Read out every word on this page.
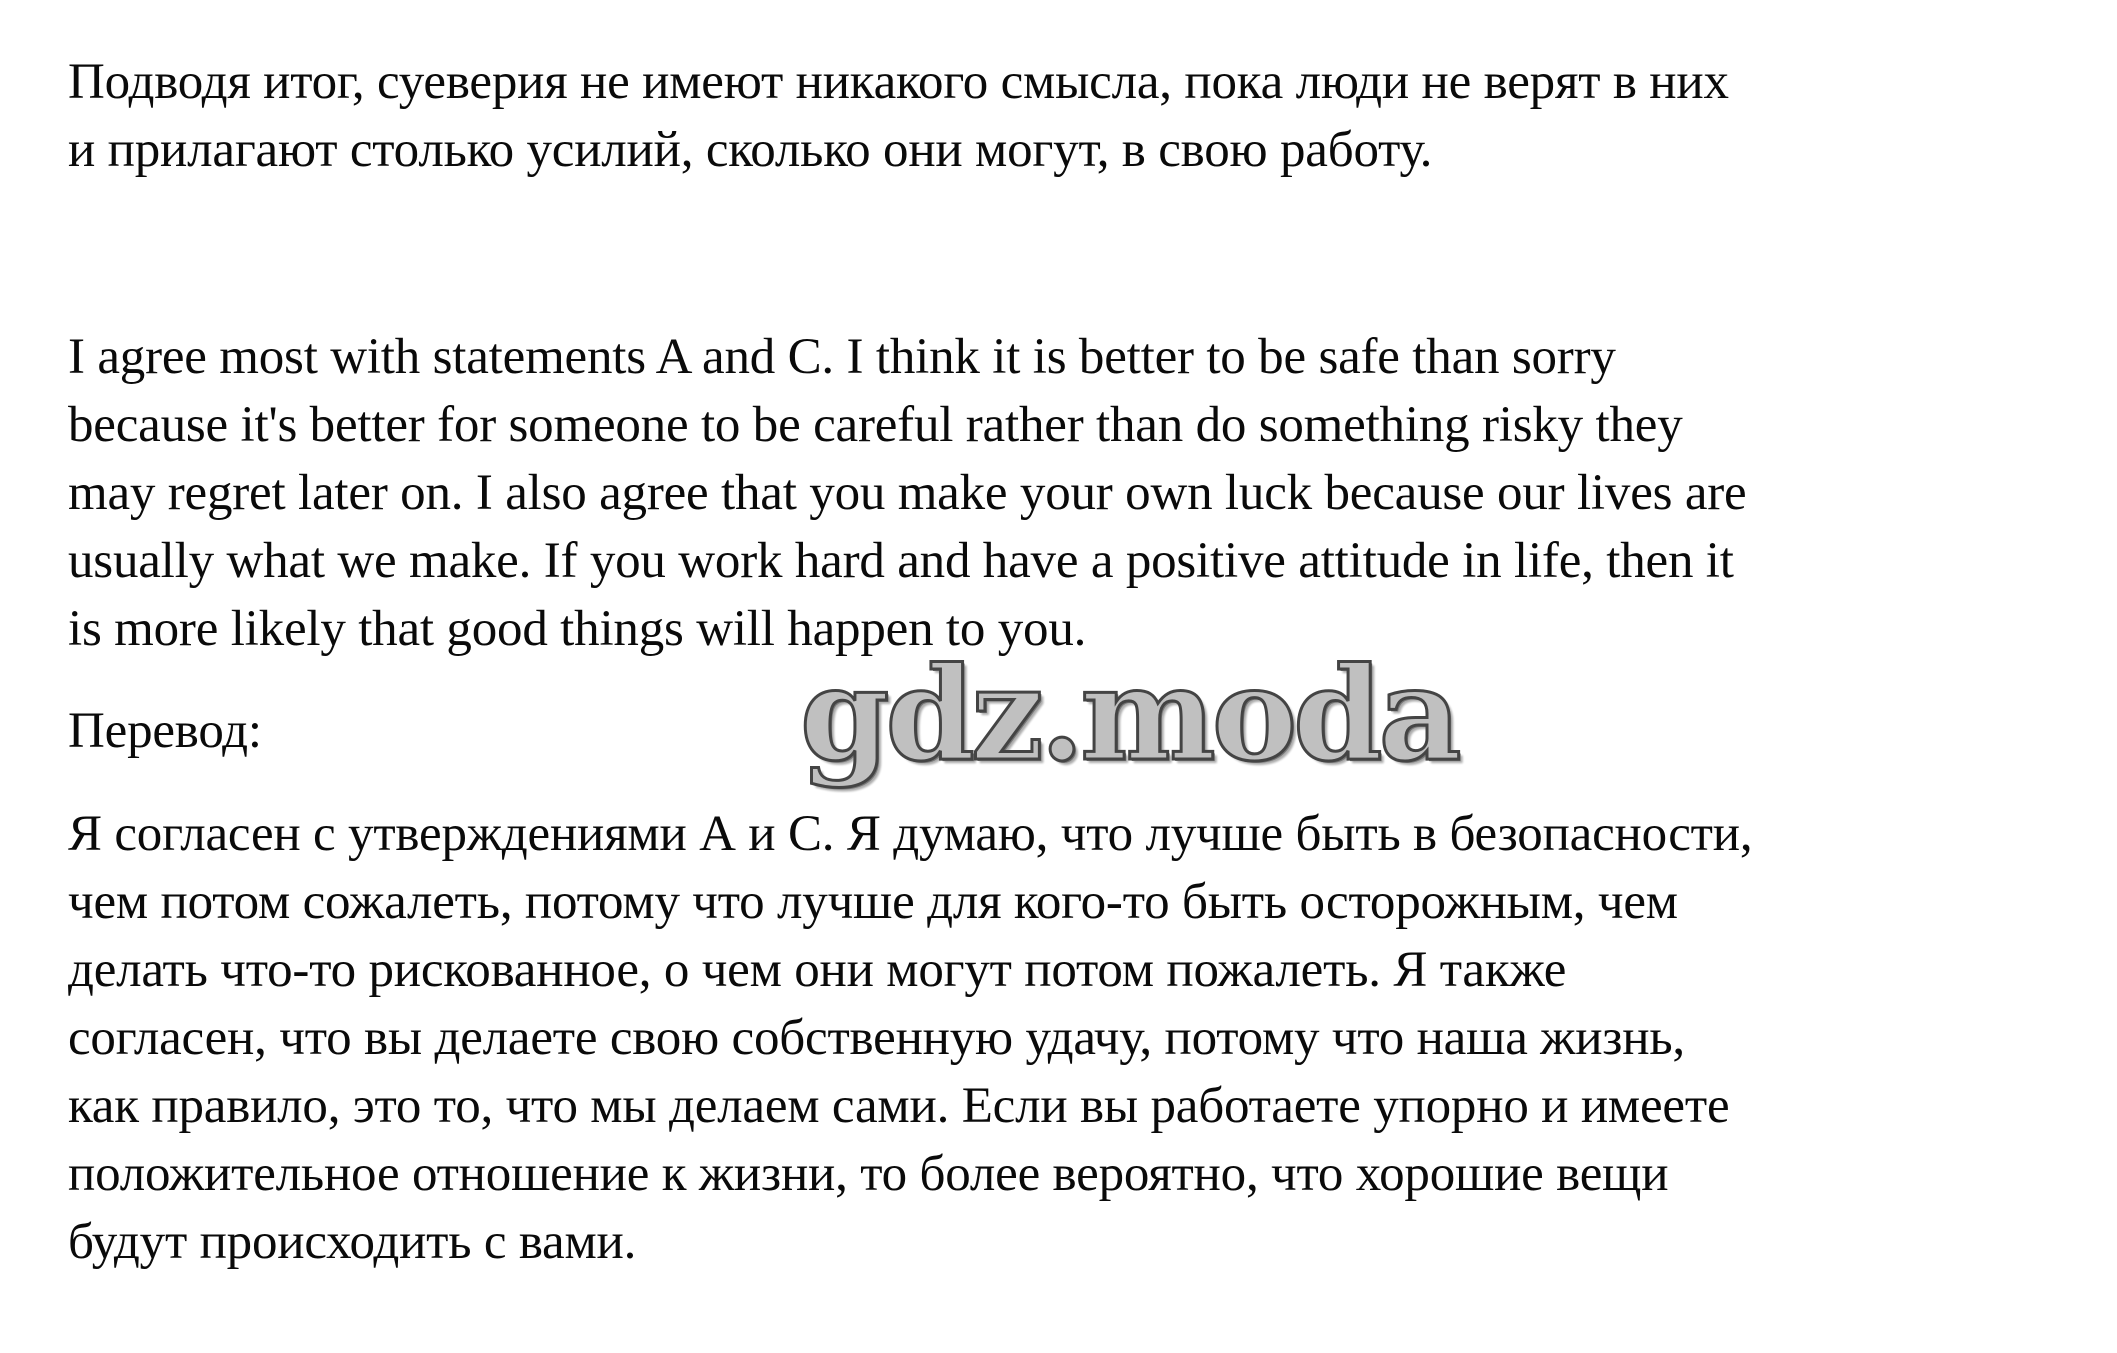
Подводя итог, суеверия не имеют никакого смысла, пока люди не верят в них
и прилагают столько усилий, сколько они могут, в свою работу.

I agree most with statements A and C. I think it is better to be safe than sorry
because it's better for someone to be careful rather than do something risky they
may regret later on. I also agree that you make your own luck because our lives are
usually what we make. If you work hard and have a positive attitude in life, then it
is more likely that good things will happen to you.

Перевод:	gdz.moda

Я согласен с утверждениями А и С. Я думаю, что лучше быть в безопасности,
чем потом сожалеть, потому что лучше для кого-то быть осторожным, чем
делать что-то рискованное, о чем они могут потом пожалеть. Я также
согласен, что вы делаете свою собственную удачу, потому что наша жизнь,
как правило, это то, что мы делаем сами. Если вы работаете упорно и имеете
положительное отношение к жизни, то более вероятно, что хорошие вещи
будут происходить с вами.
